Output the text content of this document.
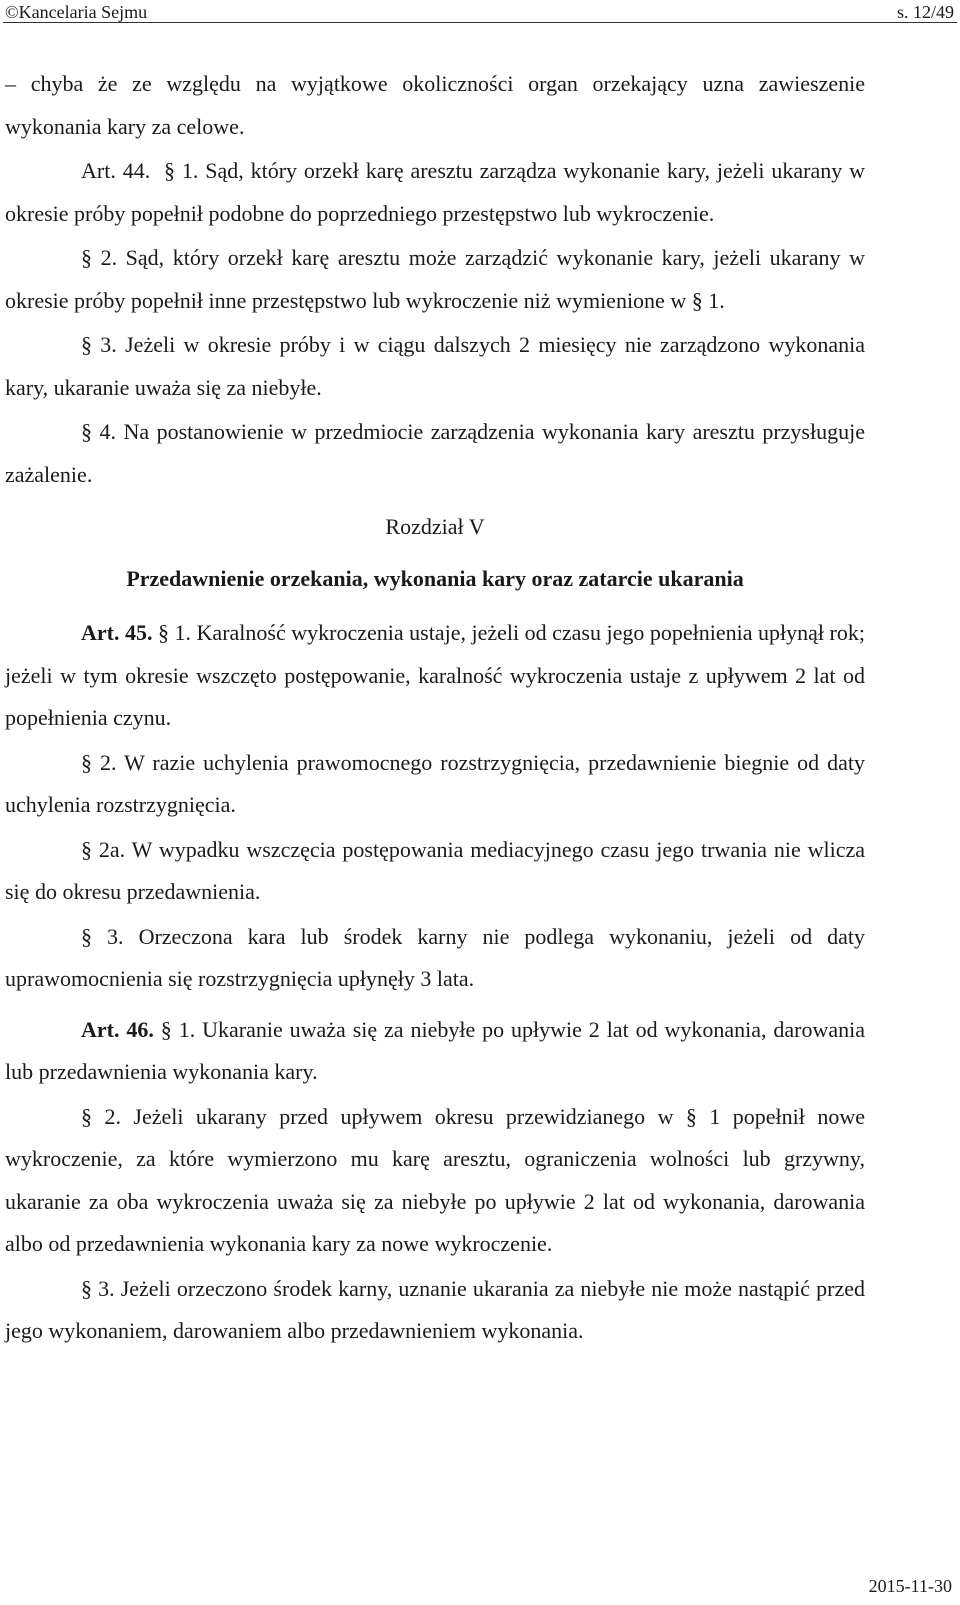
©Kancelaria Sejmu	s. 12/49

– chyba że ze względu na wyjątkowe okoliczności organ orzekający uzna zawieszenie wykonania kary za celowe.

Art. 44. § 1. Sąd, który orzekł karę aresztu zarządza wykonanie kary, jeżeli ukarany w okresie próby popełnił podobne do poprzedniego przestępstwo lub wykroczenie.

§ 2. Sąd, który orzekł karę aresztu może zarządzić wykonanie kary, jeżeli ukarany w okresie próby popełnił inne przestępstwo lub wykroczenie niż wymienione w § 1.

§ 3. Jeżeli w okresie próby i w ciągu dalszych 2 miesięcy nie zarządzono wykonania kary, ukaranie uważa się za niebyłe.

§ 4. Na postanowienie w przedmiocie zarządzenia wykonania kary aresztu przysługuje zażalenie.

Rozdział V

Przedawnienie orzekania, wykonania kary oraz zatarcie ukarania

Art. 45. § 1. Karalność wykroczenia ustaje, jeżeli od czasu jego popełnienia upłynął rok; jeżeli w tym okresie wszczęto postępowanie, karalność wykroczenia ustaje z upływem 2 lat od popełnienia czynu.

§ 2. W razie uchylenia prawomocnego rozstrzygnięcia, przedawnienie biegnie od daty uchylenia rozstrzygnięcia.

§ 2a. W wypadku wszczęcia postępowania mediacyjnego czasu jego trwania nie wlicza się do okresu przedawnienia.

§ 3. Orzeczona kara lub środek karny nie podlega wykonaniu, jeżeli od daty uprawomocnienia się rozstrzygnięcia upłynęły 3 lata.

Art. 46. § 1. Ukaranie uważa się za niebyłe po upływie 2 lat od wykonania, darowania lub przedawnienia wykonania kary.

§ 2. Jeżeli ukarany przed upływem okresu przewidzianego w § 1 popełnił nowe wykroczenie, za które wymierzono mu karę aresztu, ograniczenia wolności lub grzywny, ukaranie za oba wykroczenia uważa się za niebyłe po upływie 2 lat od wykonania, darowania albo od przedawnienia wykonania kary za nowe wykroczenie.

§ 3. Jeżeli orzeczono środek karny, uznanie ukarania za niebyłe nie może nastąpić przed jego wykonaniem, darowaniem albo przedawnieniem wykonania.

2015-11-30
